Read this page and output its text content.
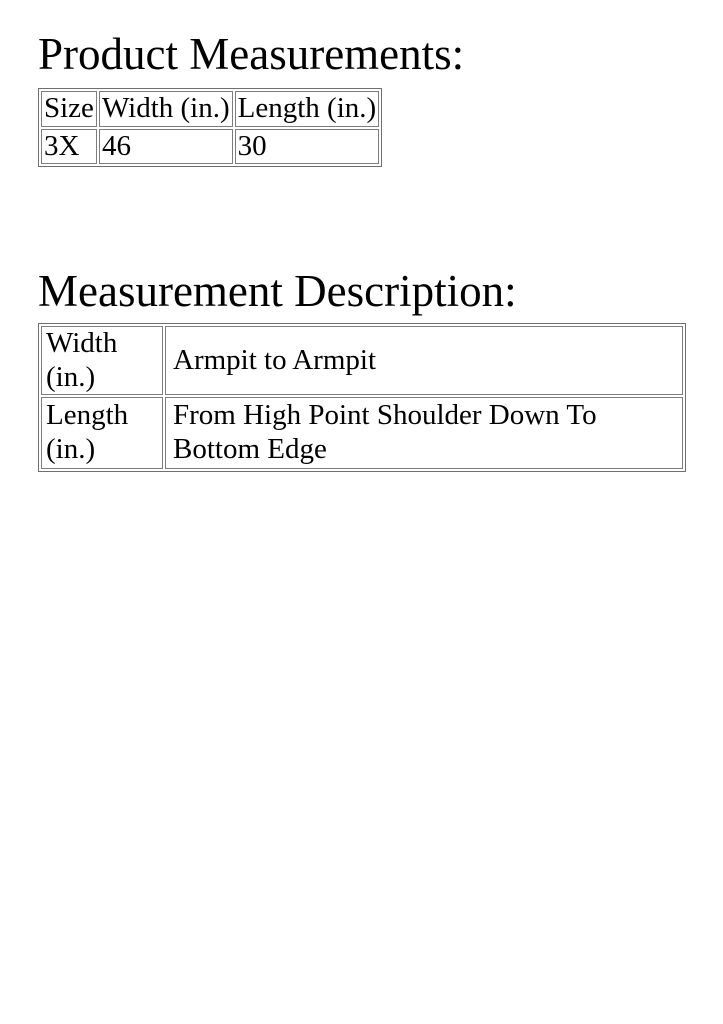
Product Measurements:
Size	Width (in.)	Length (in.)
3X	46	30
Measurement Description:
Width (in.)	Armpit to Armpit
Length (in.)	From High Point Shoulder Down To Bottom Edge
